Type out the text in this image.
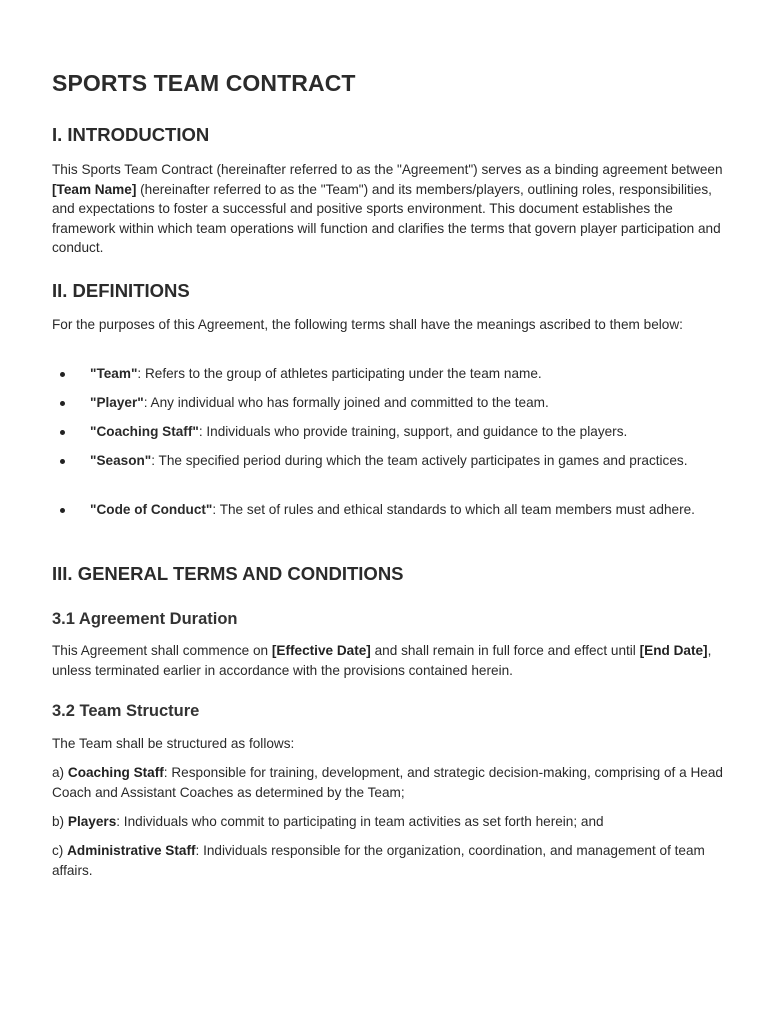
SPORTS TEAM CONTRACT
I. INTRODUCTION

This Sports Team Contract (hereinafter referred to as the "Agreement") serves as a binding agreement between [Team Name] (hereinafter referred to as the "Team") and its members/players, outlining roles, responsibilities, and expectations to foster a successful and positive sports environment. This document establishes the framework within which team operations will function and clarifies the terms that govern player participation and conduct.

II. DEFINITIONS

For the purposes of this Agreement, the following terms shall have the meanings ascribed to them below:

"Team": Refers to the group of athletes participating under the team name.
"Player": Any individual who has formally joined and committed to the team.
"Coaching Staff": Individuals who provide training, support, and guidance to the players.
"Season": The specified period during which the team actively participates in games and practices.
"Code of Conduct": The set of rules and ethical standards to which all team members must adhere.
III. GENERAL TERMS AND CONDITIONS
3.1 Agreement Duration

This Agreement shall commence on [Effective Date] and shall remain in full force and effect until [End Date], unless terminated earlier in accordance with the provisions contained herein.

3.2 Team Structure

The Team shall be structured as follows:

a) Coaching Staff: Responsible for training, development, and strategic decision-making, comprising of a Head Coach and Assistant Coaches as determined by the Team;

b) Players: Individuals who commit to participating in team activities as set forth herein; and

c) Administrative Staff: Individuals responsible for the organization, coordination, and management of team affairs.
